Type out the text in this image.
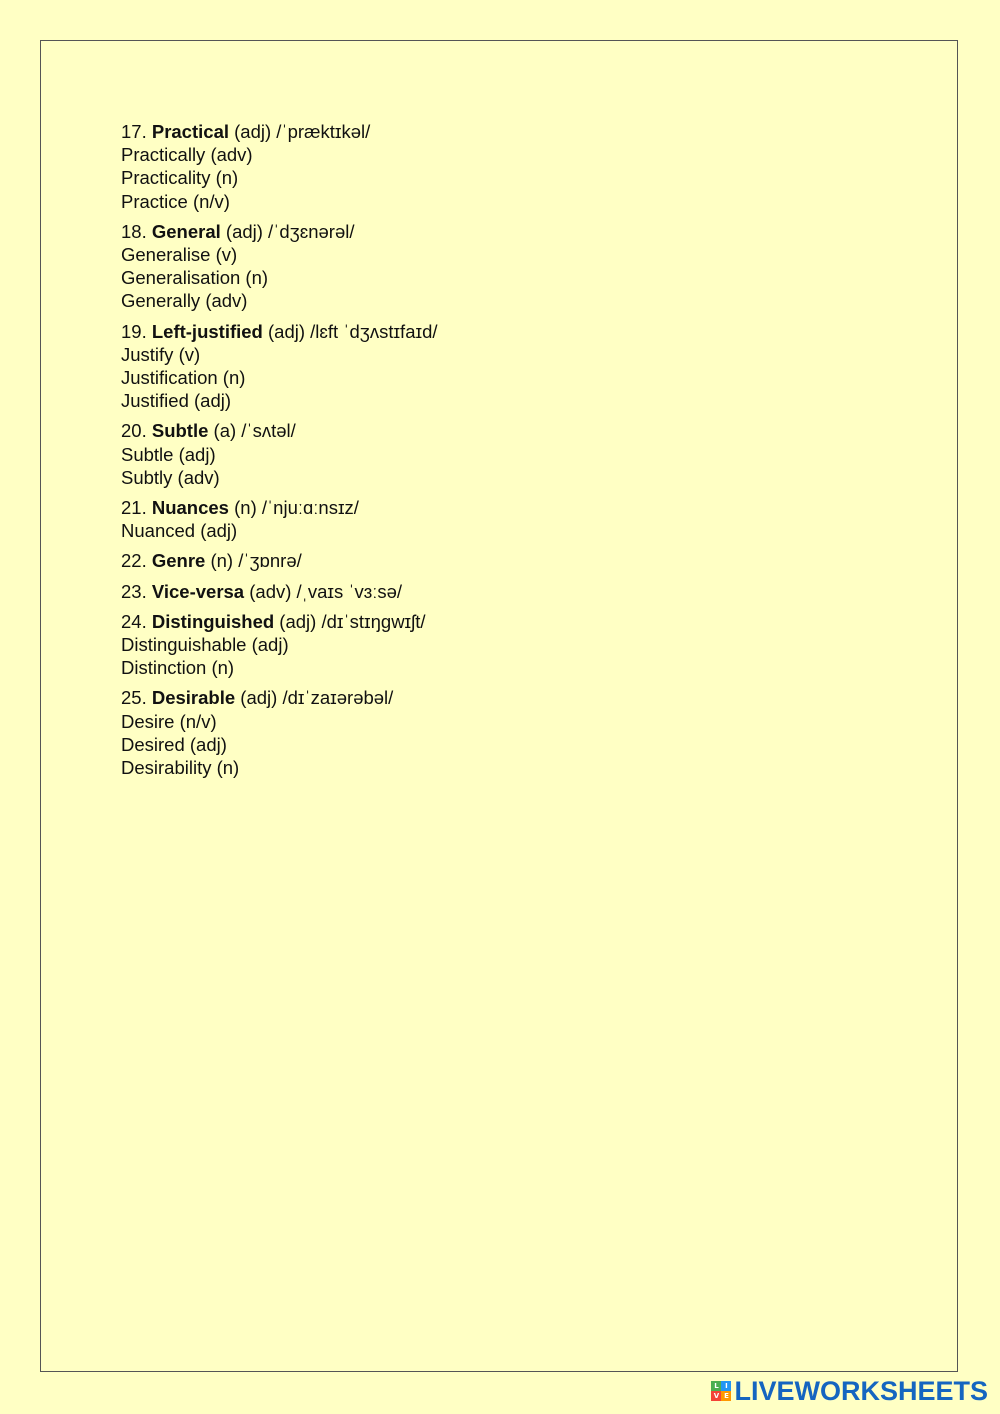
17. Practical (adj) /ˈpræktɪkəl/
Practically (adv)
Practicality (n)
Practice (n/v)
18. General (adj) /ˈdʒɛnərəl/
Generalise (v)
Generalisation (n)
Generally (adv)
19. Left-justified (adj) /lɛft ˈdʒʌstɪfaɪd/
Justify (v)
Justification (n)
Justified (adj)
20. Subtle (a) /ˈsʌtəl/
Subtle (adj)
Subtly (adv)
21. Nuances (n) /ˈnjuːɑːnsɪz/
Nuanced (adj)
22. Genre (n) /ˈʒɒnrə/
23. Vice-versa (adv) /ˌvaɪs ˈvɜːsə/
24. Distinguished (adj) /dɪˈstɪŋgwɪʃt/
Distinguishable (adj)
Distinction (n)
25. Desirable (adj) /dɪˈzaɪərəbəl/
Desire (n/v)
Desired (adj)
Desirability (n)
L I
V E LIVEWORKSHEETS
